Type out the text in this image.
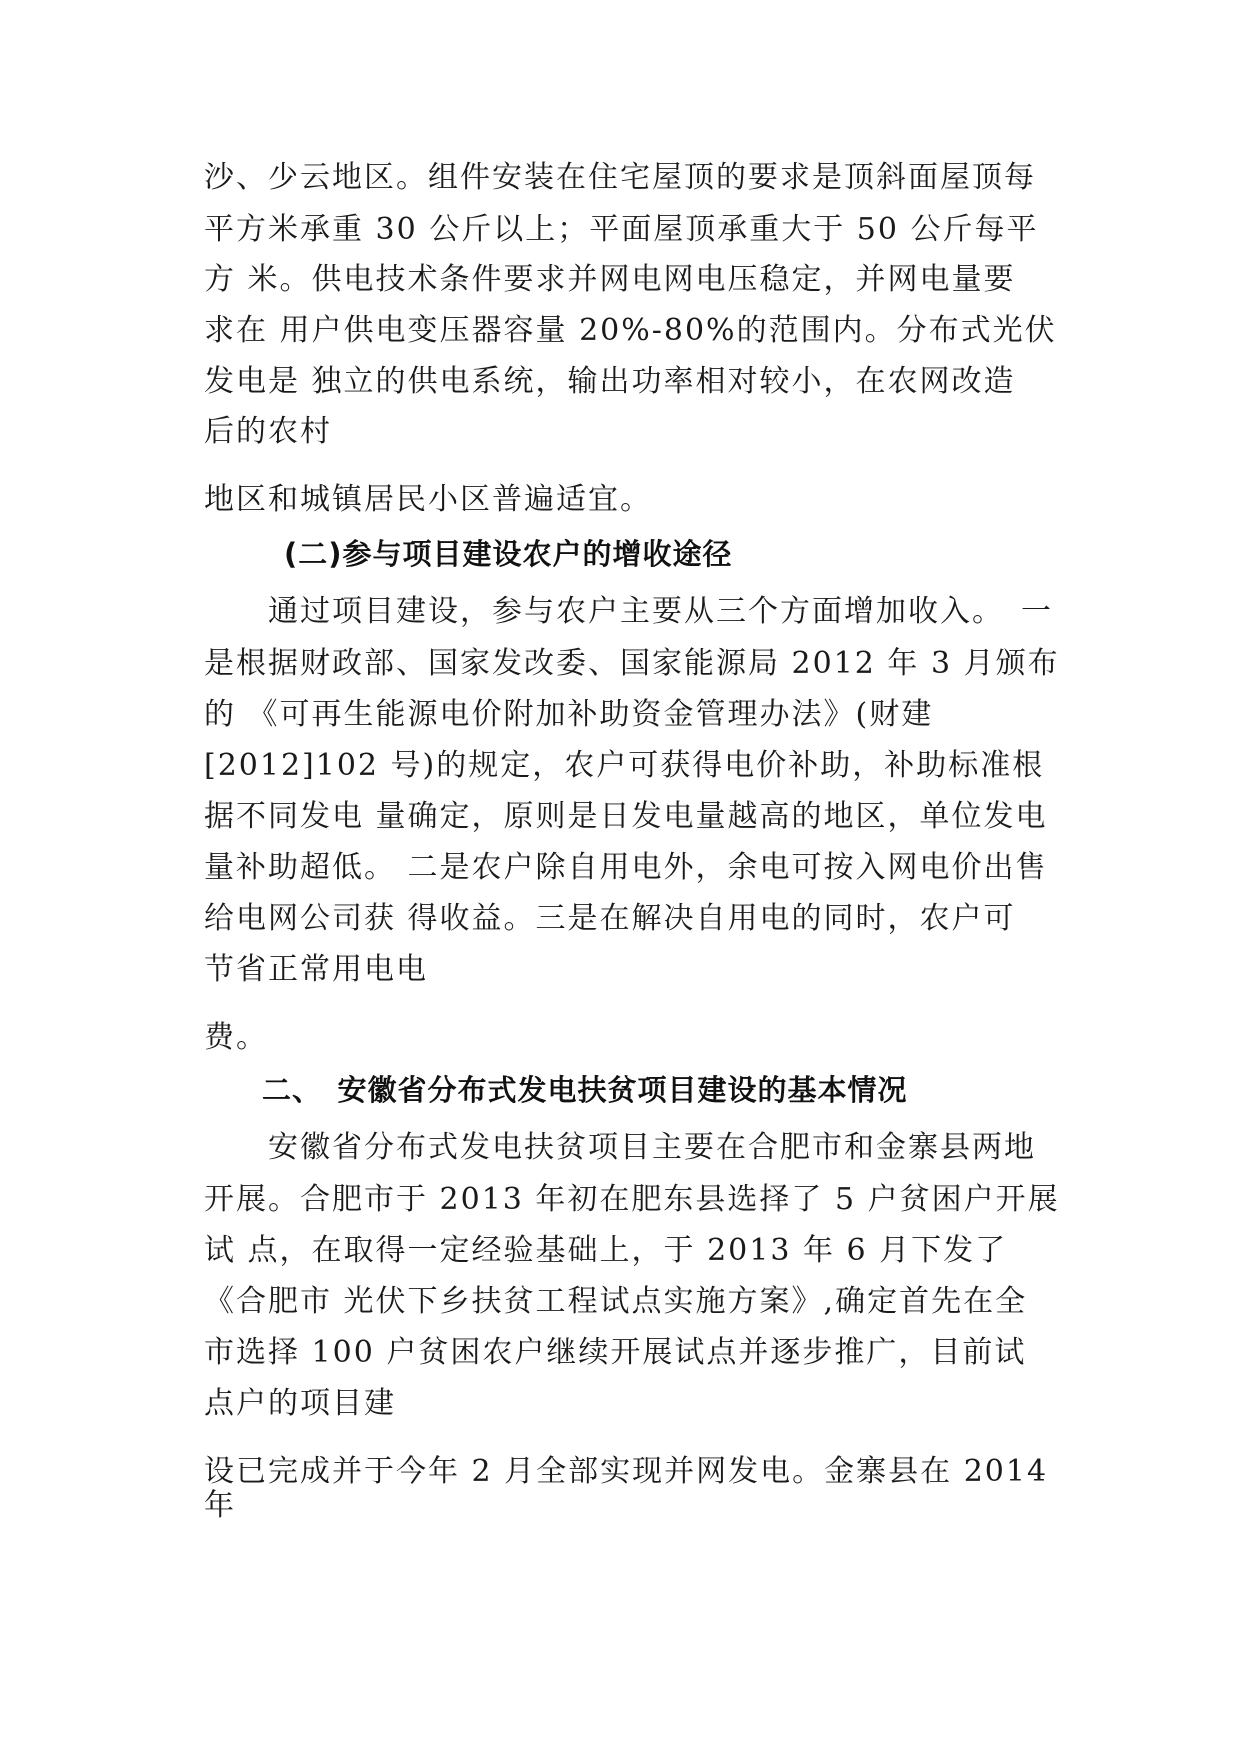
沙、少云地区。组件安装在住宅屋顶的要求是顶斜面屋顶每
平方米承重 30 公斤以上；平面屋顶承重大于 50 公斤每平
方 米。供电技术条件要求并网电网电压稳定，并网电量要
求在 用户供电变压器容量 20%-80%的范围内。分布式光伏
发电是 独立的供电系统，输出功率相对较小，在农网改造
后的农村
地区和城镇居民小区普遍适宜。
(二)参与项目建设农户的增收途径
　　通过项目建设，参与农户主要从三个方面增加收入。　一
是根据财政部、国家发改委、国家能源局 2012 年 3 月颁布
的 《可再生能源电价附加补助资金管理办法》(财建
[2012]102 号)的规定，农户可获得电价补助，补助标准根
据不同发电 量确定，原则是日发电量越高的地区，单位发电
量补助超低。 二是农户除自用电外，余电可按入网电价出售
给电网公司获 得收益。三是在解决自用电的同时，农户可
节省正常用电电
费。
二、　安徽省分布式发电扶贫项目建设的基本情况
　　安徽省分布式发电扶贫项目主要在合肥市和金寨县两地
开展。合肥市于 2013 年初在肥东县选择了 5 户贫困户开展
试 点，在取得一定经验基础上，于 2013 年 6 月下发了
《合肥市 光伏下乡扶贫工程试点实施方案》,确定首先在全
市选择 100 户贫困农户继续开展试点并逐步推广，目前试
点户的项目建
设已完成并于今年 2 月全部实现并网发电。金寨县在 2014
年
